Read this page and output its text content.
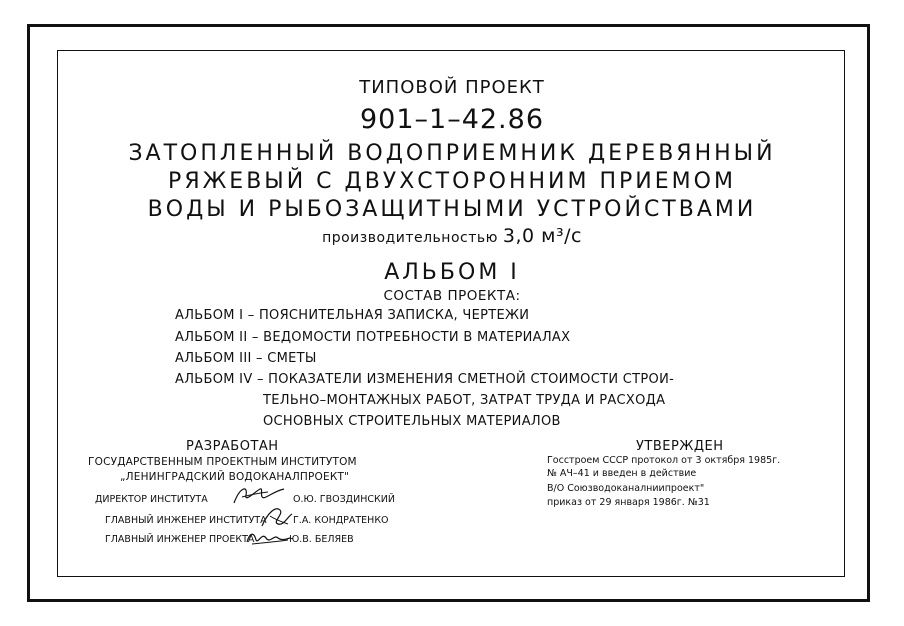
ТИПОВОЙ ПРОЕКТ
901–1–42.86
ЗАТОПЛЕННЫЙ ВОДОПРИЕМНИК ДЕРЕВЯННЫЙ
РЯЖЕВЫЙ С ДВУХСТОРОННИМ ПРИЕМОМ
ВОДЫ И РЫБОЗАЩИТНЫМИ УСТРОЙСТВАМИ
производительностью 3,0 м³/с
АЛЬБОМ I
СОСТАВ ПРОЕКТА:
АЛЬБОМ I – ПОЯСНИТЕЛЬНАЯ ЗАПИСКА, ЧЕРТЕЖИ
АЛЬБОМ II – ВЕДОМОСТИ ПОТРЕБНОСТИ В МАТЕРИАЛАХ
АЛЬБОМ III – СМЕТЫ
АЛЬБОМ IV – ПОКАЗАТЕЛИ ИЗМЕНЕНИЯ СМЕТНОЙ СТОИМОСТИ СТРОИ-
ТЕЛЬНО–МОНТАЖНЫХ РАБОТ, ЗАТРАТ ТРУДА И РАСХОДА
ОСНОВНЫХ СТРОИТЕЛЬНЫХ МАТЕРИАЛОВ
РАЗРАБОТАН
ГОСУДАРСТВЕННЫМ ПРОЕКТНЫМ ИНСТИТУТОМ
„ЛЕНИНГРАДСКИЙ ВОДОКАНАЛПРОЕКТ"
ДИРЕКТОР ИНСТИТУТА	О.Ю. ГВОЗДИНСКИЙ
ГЛАВНЫЙ ИНЖЕНЕР ИНСТИТУТА	Г.А. КОНДРАТЕНКО
ГЛАВНЫЙ ИНЖЕНЕР ПРОЕКТА	Ю.В. БЕЛЯЕВ
УТВЕРЖДЕН
Госстроем СССР протокол от 3 октября 1985г.
№ АЧ–41 и введен в действие
В/О Союзводоканалниипроект"
приказ от 29 января 1986г. №31
